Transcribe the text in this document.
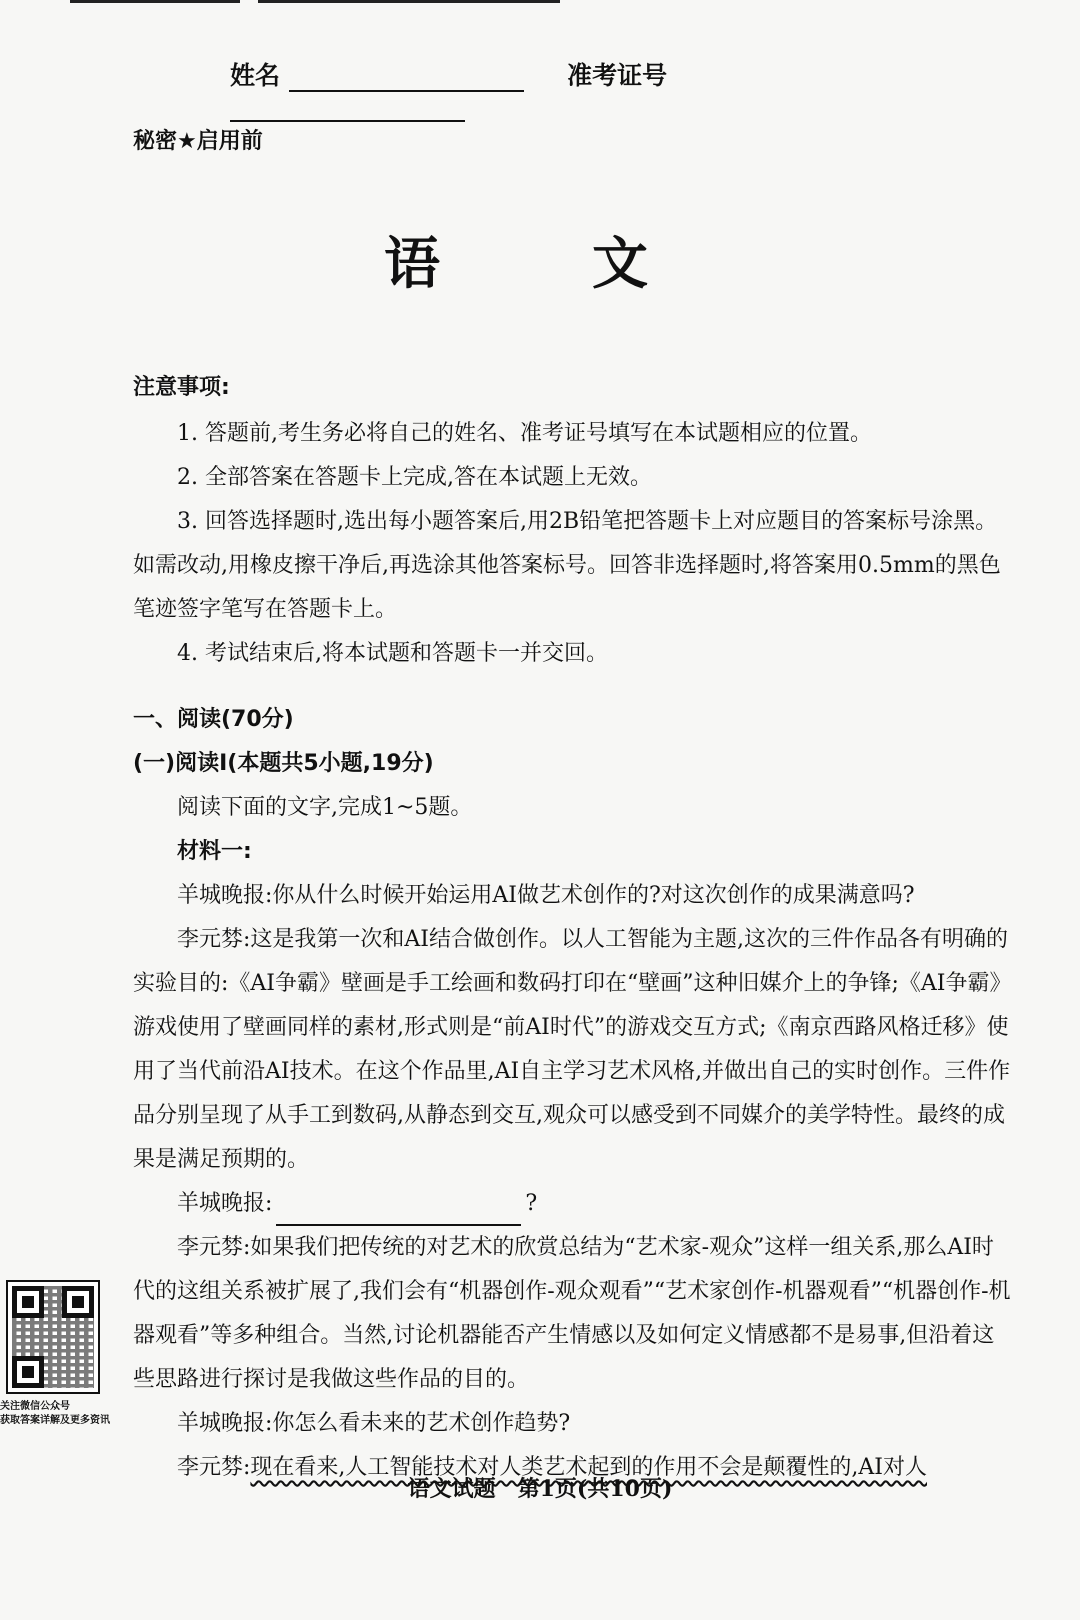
姓名	准考证号
秘密★启用前
语　文

注意事项:

1. 答题前,考生务必将自己的姓名、准考证号填写在本试题相应的位置。

2. 全部答案在答题卡上完成,答在本试题上无效。

3. 回答选择题时,选出每小题答案后,用2B铅笔把答题卡上对应题目的答案标号涂黑。如需改动,用橡皮擦干净后,再选涂其他答案标号。回答非选择题时,将答案用0.5mm的黑色笔迹签字笔写在答题卡上。

4. 考试结束后,将本试题和答题卡一并交回。

一、阅读(70分)

(一)阅读Ⅰ(本题共5小题,19分)

阅读下面的文字,完成1~5题。

材料一:

羊城晚报:你从什么时候开始运用AI做艺术创作的?对这次创作的成果满意吗?

李元棼:这是我第一次和AI结合做创作。以人工智能为主题,这次的三件作品各有明确的实验目的:《AI争霸》壁画是手工绘画和数码打印在“壁画”这种旧媒介上的争锋;《AI争霸》游戏使用了壁画同样的素材,形式则是“前AI时代”的游戏交互方式;《南京西路风格迁移》使用了当代前沿AI技术。在这个作品里,AI自主学习艺术风格,并做出自己的实时创作。三件作品分别呈现了从手工到数码,从静态到交互,观众可以感受到不同媒介的美学特性。最终的成果是满足预期的。

羊城晚报:	?

李元棼:如果我们把传统的对艺术的欣赏总结为“艺术家-观众”这样一组关系,那么AI时代的这组关系被扩展了,我们会有“机器创作-观众观看”“艺术家创作-机器观看”“机器创作-机器观看”等多种组合。当然,讨论机器能否产生情感以及如何定义情感都不是易事,但沿着这些思路进行探讨是我做这些作品的目的。

羊城晚报:你怎么看未来的艺术创作趋势?

李元棼:现在看来,人工智能技术对人类艺术起到的作用不会是颠覆性的,AI对人

关注微信公众号
获取答案详解及更多资讯
语文试题　第1页(共10页)
